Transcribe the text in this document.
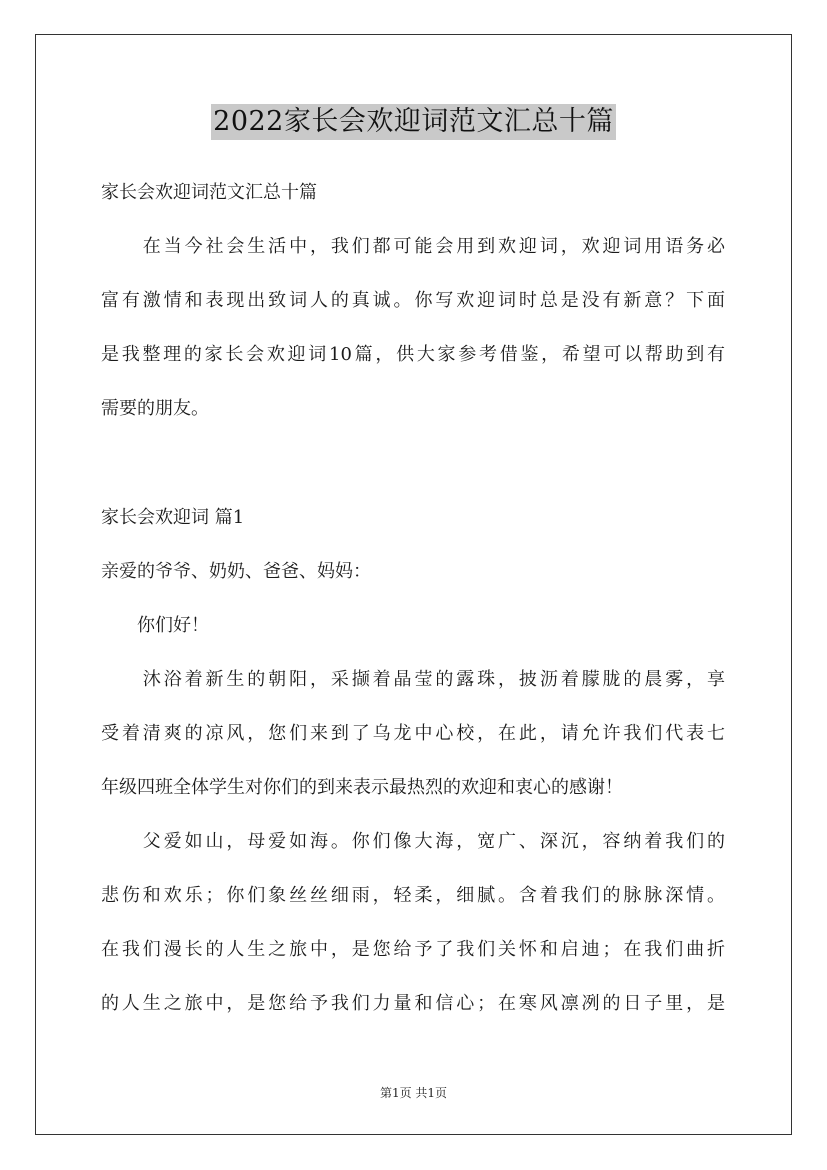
2022家长会欢迎词范文汇总十篇
家长会欢迎词范文汇总十篇
　　在当今社会生活中，我们都可能会用到欢迎词，欢迎词用语务必
富有激情和表现出致词人的真诚。你写欢迎词时总是没有新意？下面
是我整理的家长会欢迎词10篇，供大家参考借鉴，希望可以帮助到有
需要的朋友。
家长会欢迎词 篇1
亲爱的爷爷、奶奶、爸爸、妈妈：
　　你们好！
　　沐浴着新生的朝阳，采撷着晶莹的露珠，披沥着朦胧的晨雾，享
受着清爽的凉风，您们来到了乌龙中心校，在此，请允许我们代表七
年级四班全体学生对你们的到来表示最热烈的欢迎和衷心的感谢！
　　父爱如山，母爱如海。你们像大海，宽广、深沉，容纳着我们的
悲伤和欢乐；你们象丝丝细雨，轻柔，细腻。含着我们的脉脉深情。
在我们漫长的人生之旅中，是您给予了我们关怀和启迪；在我们曲折
的人生之旅中，是您给予我们力量和信心；在寒风凛冽的日子里，是
第1页 共1页
